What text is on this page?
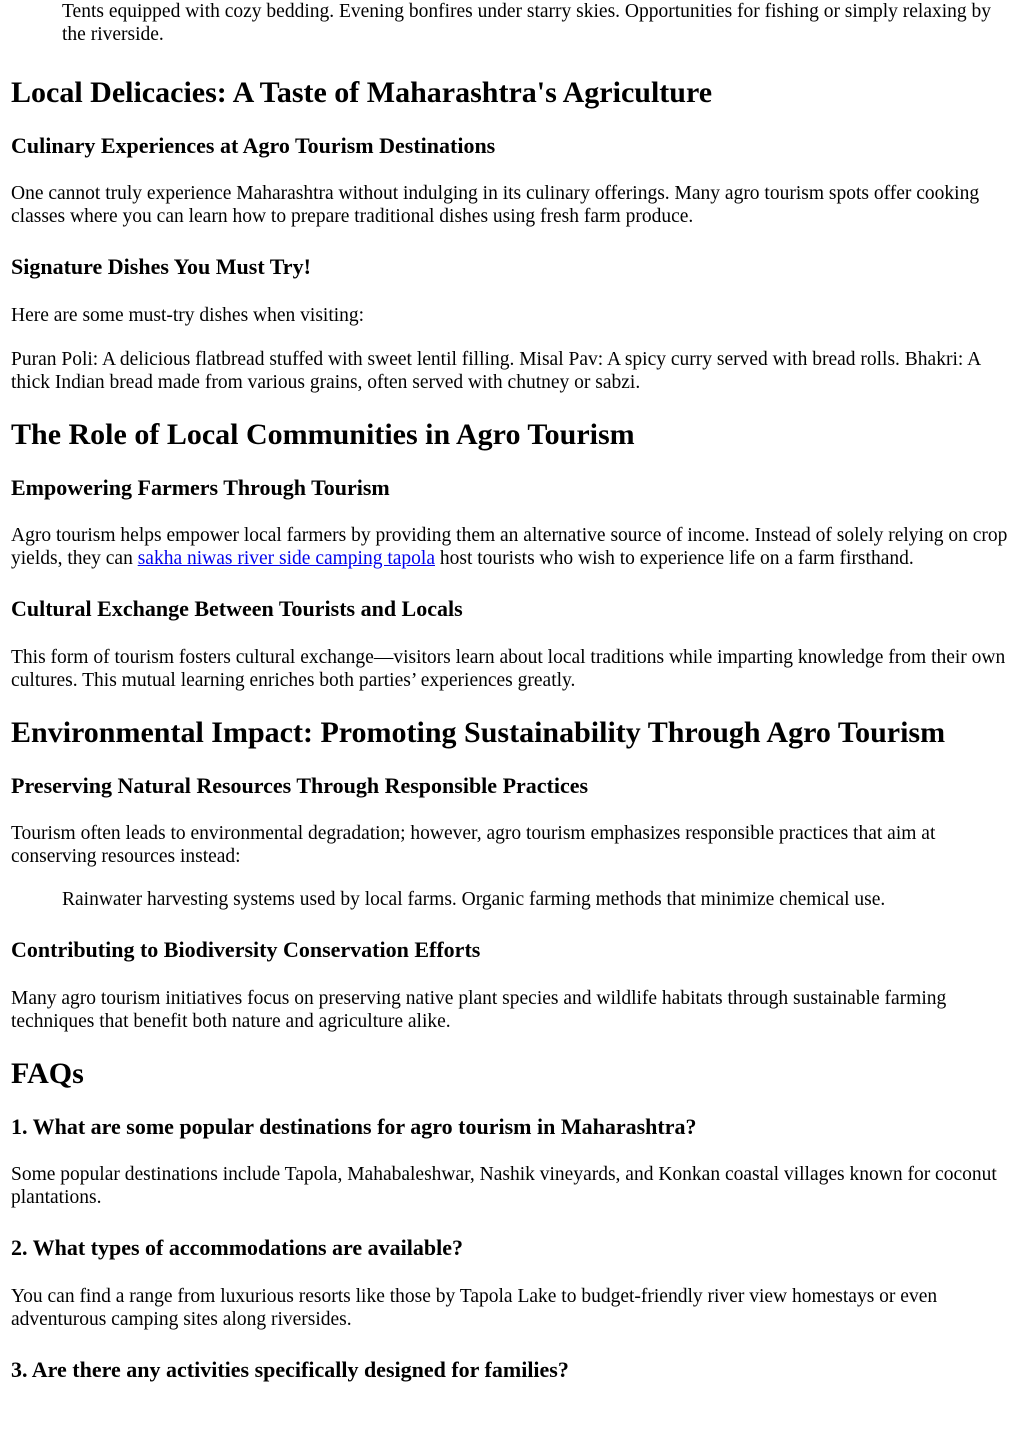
Tents equipped with cozy bedding. Evening bonfires under starry skies. Opportunities for fishing or simply relaxing by the riverside.

Local Delicacies: A Taste of Maharashtra's Agriculture
Culinary Experiences at Agro Tourism Destinations

One cannot truly experience Maharashtra without indulging in its culinary offerings. Many agro tourism spots offer cooking classes where you can learn how to prepare traditional dishes using fresh farm produce.

Signature Dishes You Must Try!

Here are some must-try dishes when visiting:

Puran Poli: A delicious flatbread stuffed with sweet lentil filling. Misal Pav: A spicy curry served with bread rolls. Bhakri: A thick Indian bread made from various grains, often served with chutney or sabzi.

The Role of Local Communities in Agro Tourism
Empowering Farmers Through Tourism

Agro tourism helps empower local farmers by providing them an alternative source of income. Instead of solely relying on crop yields, they can sakha niwas river side camping tapola host tourists who wish to experience life on a farm firsthand.

Cultural Exchange Between Tourists and Locals

This form of tourism fosters cultural exchange—visitors learn about local traditions while imparting knowledge from their own cultures. This mutual learning enriches both parties’ experiences greatly.

Environmental Impact: Promoting Sustainability Through Agro Tourism
Preserving Natural Resources Through Responsible Practices

Tourism often leads to environmental degradation; however, agro tourism emphasizes responsible practices that aim at conserving resources instead:

Rainwater harvesting systems used by local farms. Organic farming methods that minimize chemical use.

Contributing to Biodiversity Conservation Efforts

Many agro tourism initiatives focus on preserving native plant species and wildlife habitats through sustainable farming techniques that benefit both nature and agriculture alike.

FAQs
1. What are some popular destinations for agro tourism in Maharashtra?

Some popular destinations include Tapola, Mahabaleshwar, Nashik vineyards, and Konkan coastal villages known for coconut plantations.

2. What types of accommodations are available?

You can find a range from luxurious resorts like those by Tapola Lake to budget-friendly river view homestays or even adventurous camping sites along riversides.

3. Are there any activities specifically designed for families?
